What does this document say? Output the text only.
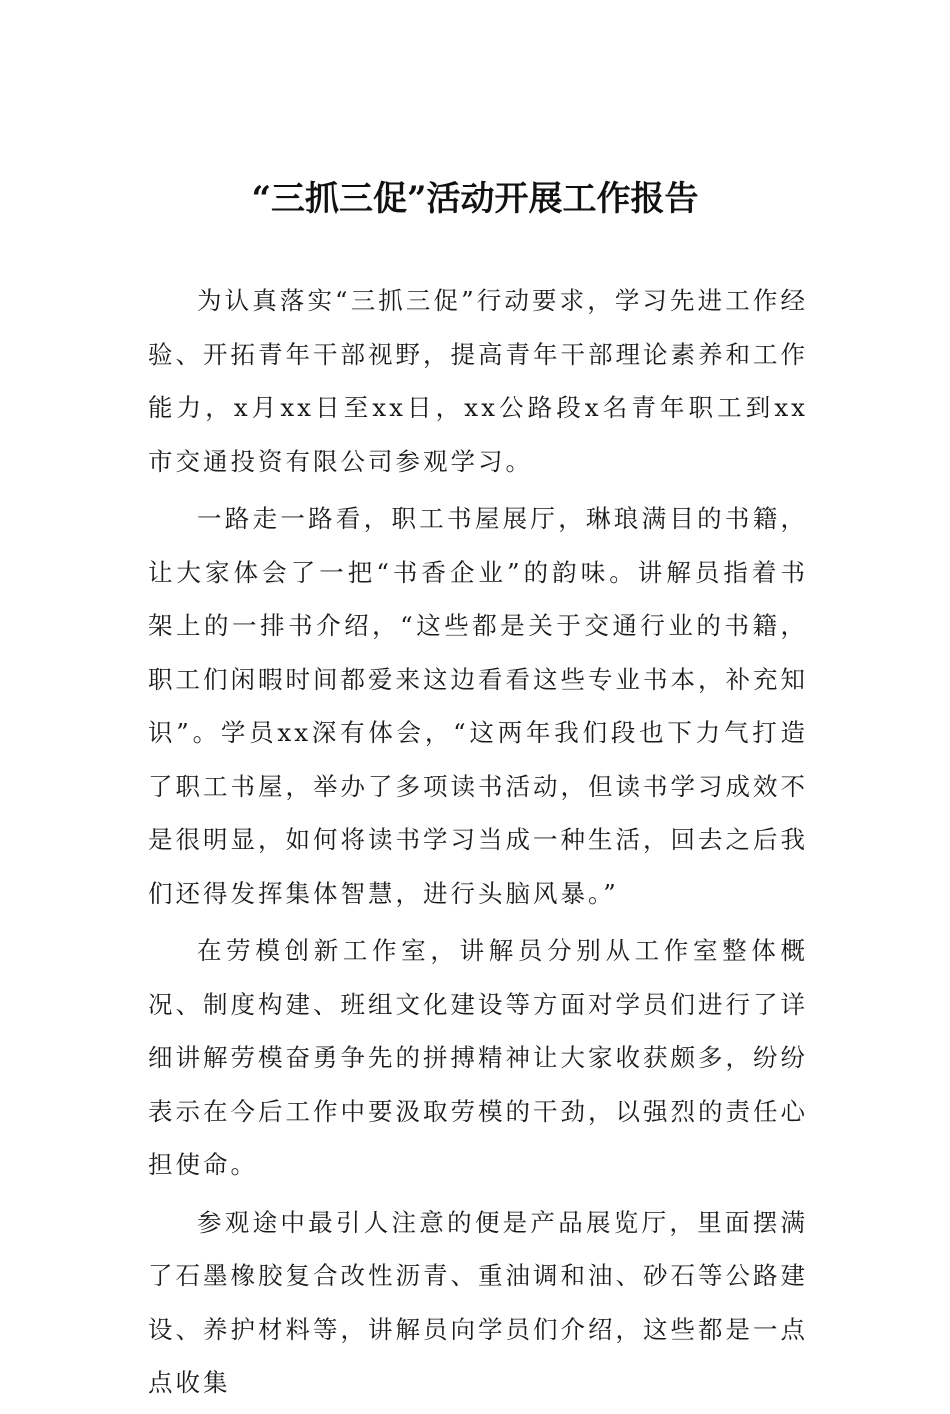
“三抓三促”活动开展工作报告

为认真落实“三抓三促”行动要求，学习先进工作经验、开拓青年干部视野，提高青年干部理论素养和工作能力，x月xx日至xx日，xx公路段x名青年职工到xx市交通投资有限公司参观学习。

一路走一路看，职工书屋展厅，琳琅满目的书籍，让大家体会了一把“书香企业”的韵味。讲解员指着书架上的一排书介绍，“这些都是关于交通行业的书籍，职工们闲暇时间都爱来这边看看这些专业书本，补充知识”。学员xx深有体会，“这两年我们段也下力气打造了职工书屋，举办了多项读书活动，但读书学习成效不是很明显，如何将读书学习当成一种生活，回去之后我们还得发挥集体智慧，进行头脑风暴。”

在劳模创新工作室，讲解员分别从工作室整体概况、制度构建、班组文化建设等方面对学员们进行了详细讲解劳模奋勇争先的拼搏精神让大家收获颇多，纷纷表示在今后工作中要汲取劳模的干劲，以强烈的责任心担使命。

参观途中最引人注意的便是产品展览厅，里面摆满了石墨橡胶复合改性沥青、重油调和油、砂石等公路建设、养护材料等，讲解员向学员们介绍，这些都是一点点收集
